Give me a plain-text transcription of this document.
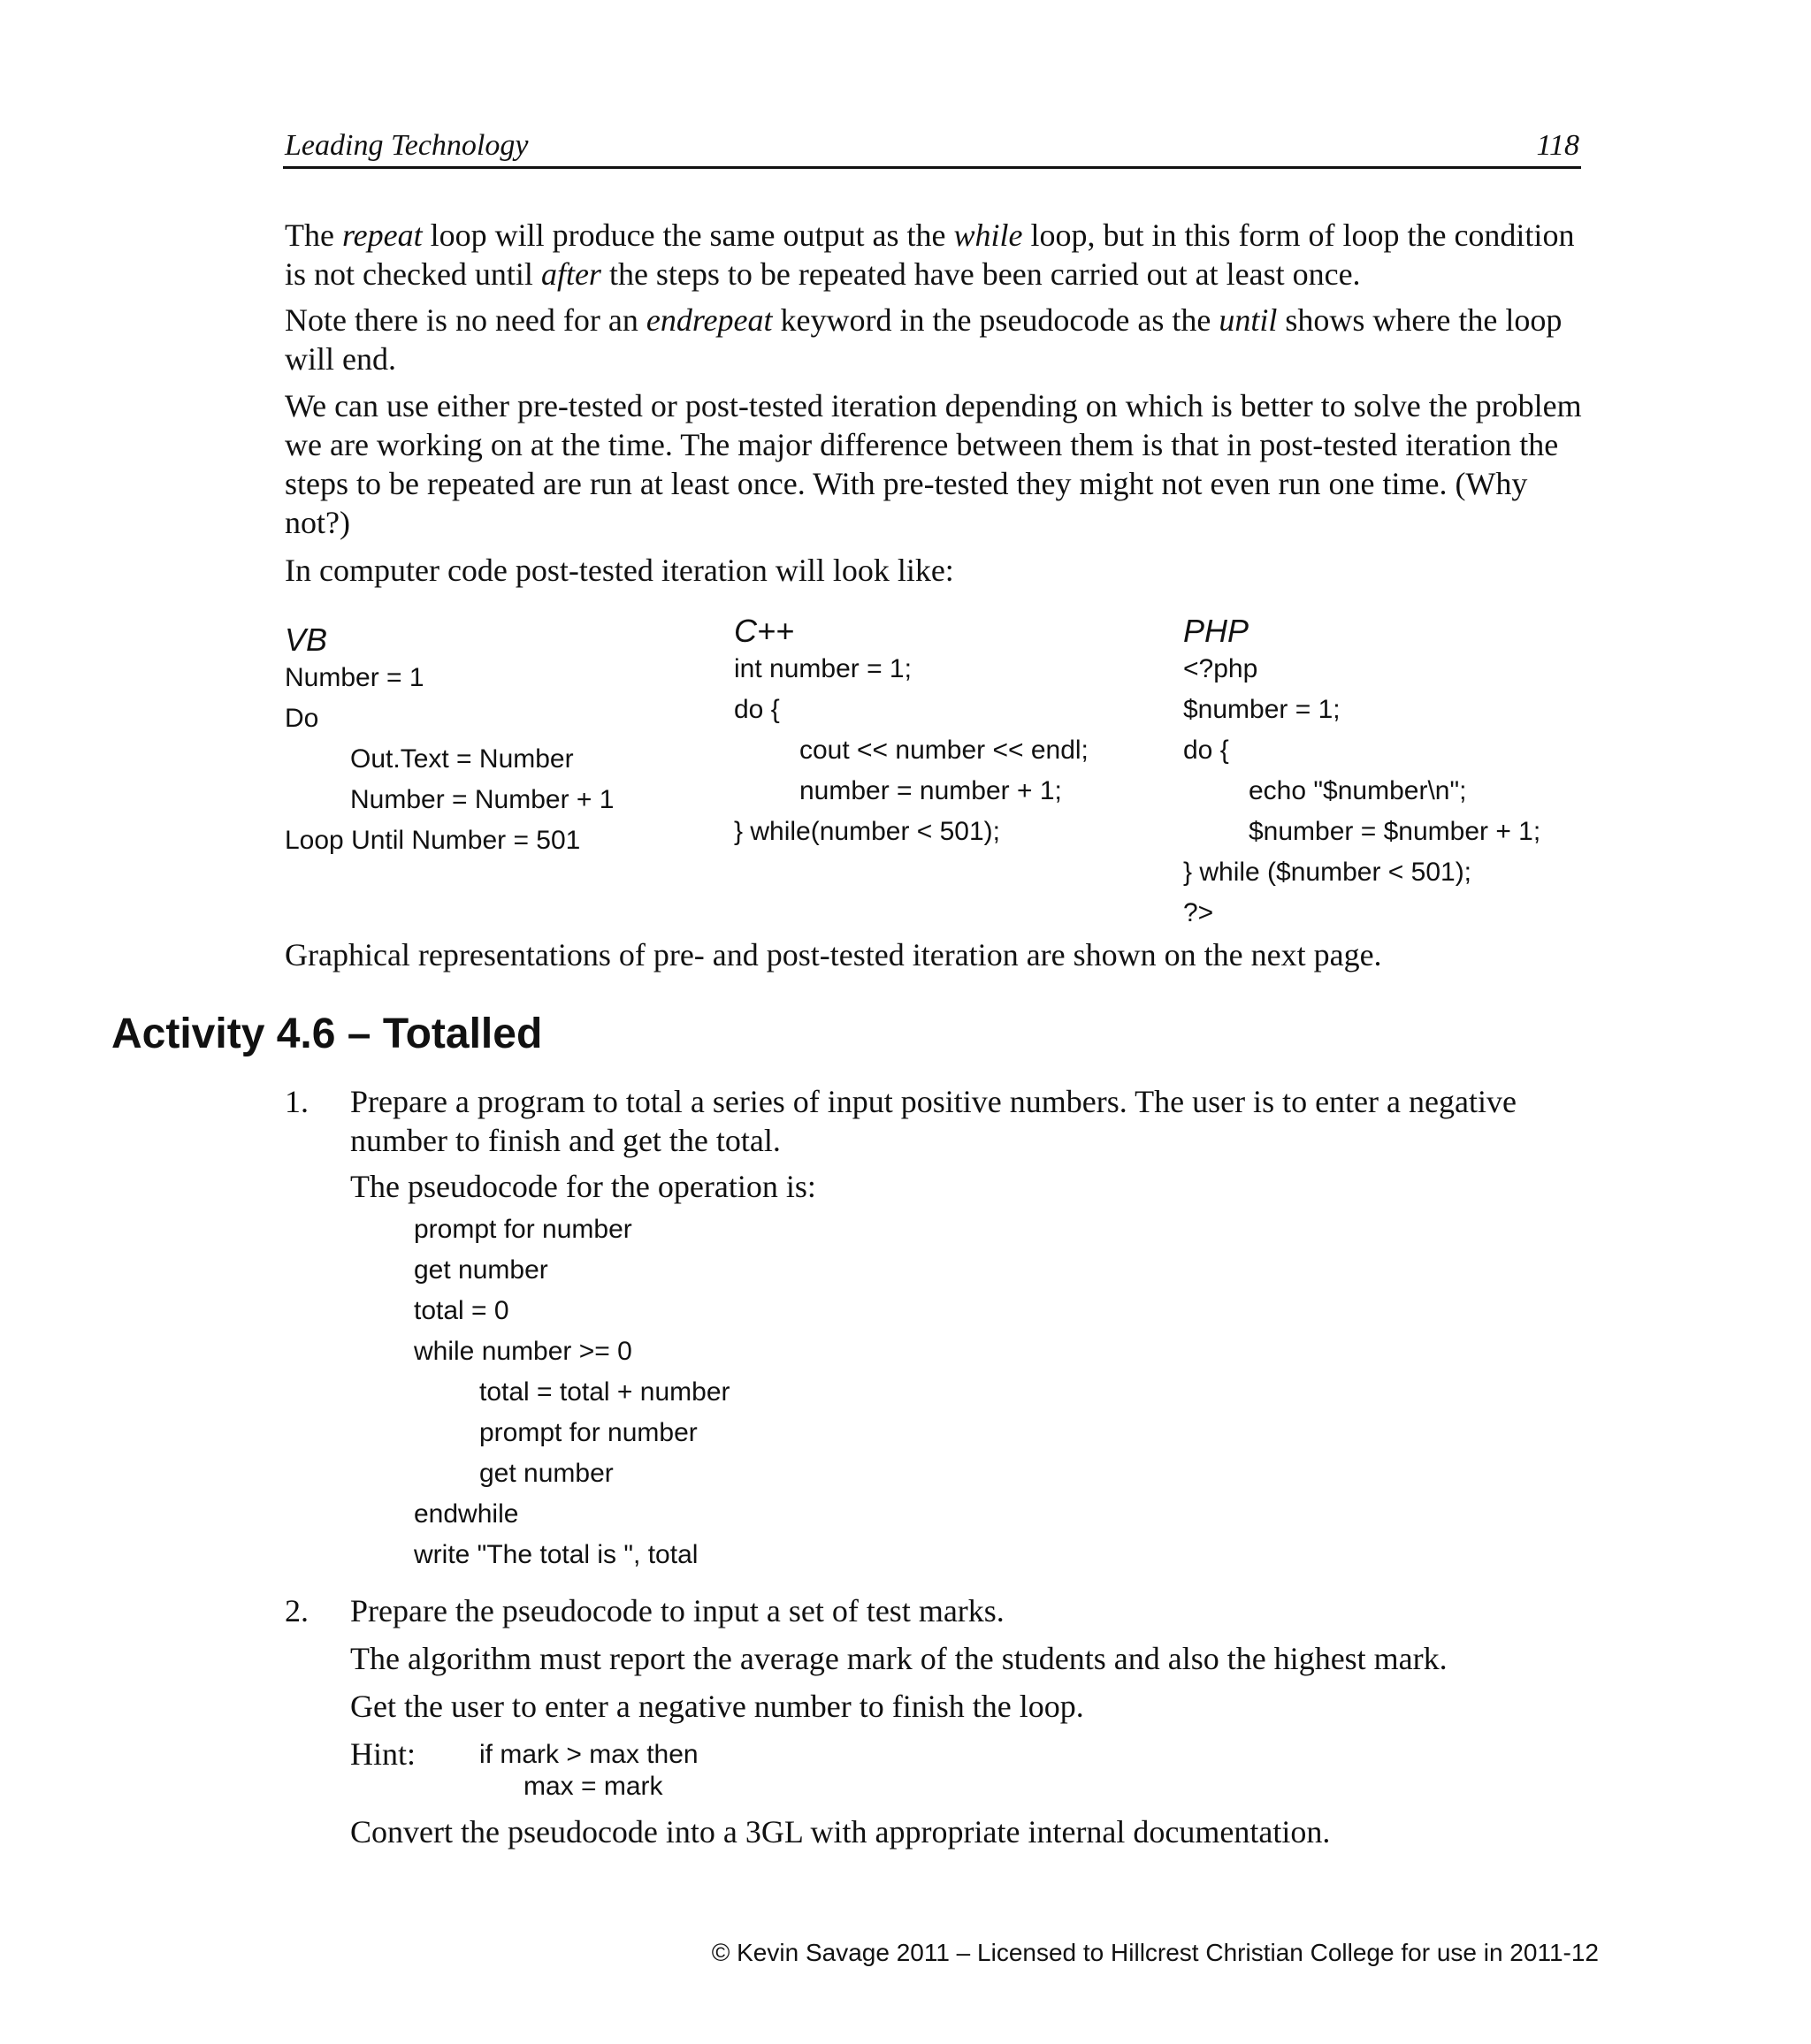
Leading Technology	118

The repeat loop will produce the same output as the while loop, but in this form of loop the condition is not checked until after the steps to be repeated have been carried out at least once.

Note there is no need for an endrepeat keyword in the pseudocode as the until shows where the loop will end.

We can use either pre-tested or post-tested iteration depending on which is better to solve the problem we are working on at the time. The major difference between them is that in post-tested iteration the steps to be repeated are run at least once. With pre-tested they might not even run one time. (Why not?)

In computer code post-tested iteration will look like:

VB

Number = 1

Do

Out.Text = Number

Number = Number + 1

Loop Until Number = 501

C++

int number = 1;

do {

cout << number << endl;

number = number + 1;

} while(number < 501);

PHP

<?php

$number = 1;

do {

echo "$number\n";

$number = $number + 1;

} while ($number < 501);

?>

Graphical representations of pre- and post-tested iteration are shown on the next page.

Activity 4.6 – Totalled
1. Prepare a program to total a series of input positive numbers. The user is to enter a negative number to finish and get the total.

The pseudocode for the operation is:

prompt for number

get number

total = 0

while number >= 0

total = total + number

prompt for number

get number

endwhile

write "The total is ", total

2. Prepare the pseudocode to input a set of test marks.

The algorithm must report the average mark of the students and also the highest mark.

Get the user to enter a negative number to finish the loop.

Hint: if mark > max then

max = mark

Convert the pseudocode into a 3GL with appropriate internal documentation.

© Kevin Savage 2011 – Licensed to Hillcrest Christian College for use in 2011-12
